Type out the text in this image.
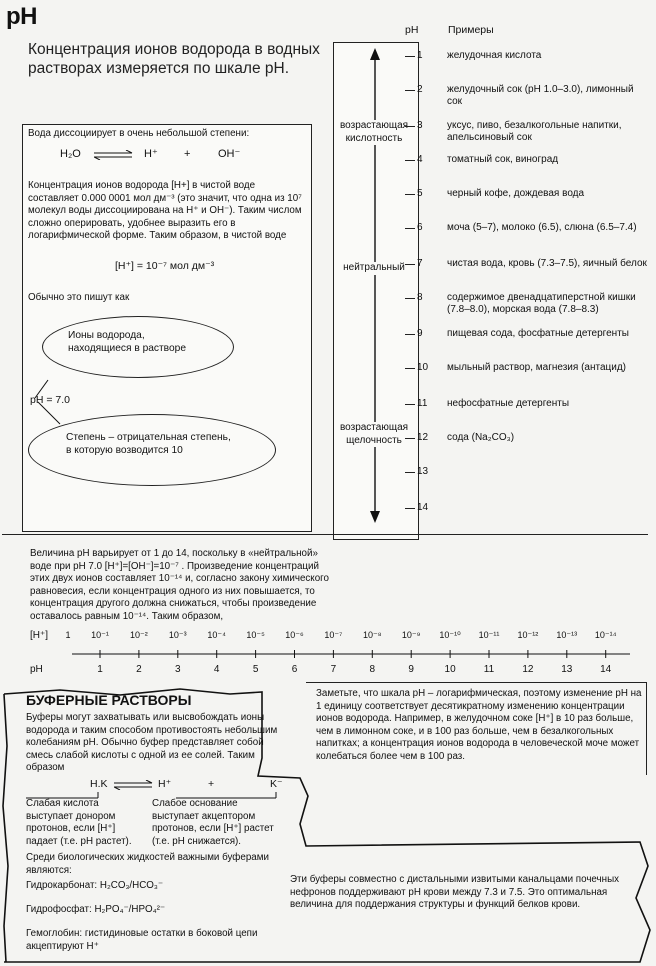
pH
Концентрация ионов водорода в водных растворах измеряется по шкале рН.
pH	Примеры
возрастающая кислотность
нейтральный
возрастающая щелочность
1	желудочная кислота
2	желудочный сок (pH 1.0–3.0), лимонный сок
3	уксус, пиво, безалкогольные напитки, апельсиновый сок
4	томатный сок, виноград
5	черный кофе, дождевая вода
6	моча (5–7), молоко (6.5), слюна (6.5–7.4)
7	чистая вода, кровь (7.3–7.5), яичный белок
8	содержимое двенадцатиперстной кишки (7.8–8.0), морская вода (7.8–8.3)
9	пищевая сода, фосфатные детергенты
10	мыльный раствор, магнезия (антацид)
11	нефосфатные детергенты
12	сода (Na₂CO₃)
13
14
Вода диссоциирует в очень небольшой степени:
H₂O	H⁺ +	OH⁻
Концентрация ионов водорода [H+] в чистой воде составляет 0.000 0001 мол дм⁻³ (это значит, что одна из 10⁷ молекул воды диссоциирована на H⁺ и OH⁻). Таким числом сложно оперировать, удобнее выразить его в логарифмической форме. Таким образом, в чистой воде
[H⁺] = 10⁻⁷ мол дм⁻³
Обычно это пишут как
Ионы водорода, находящиеся в растворе
pH = 7.0
Степень – отрицательная степень, в которую возводится 10
Величина pH варьирует от 1 до 14, поскольку в «нейтральной» воде при pH 7.0 [H⁺]=[OH⁻]=10⁻⁷ . Произведение концентраций этих двух ионов составляет 10⁻¹⁴ и, согласно закону химического равновесия, если концентрация одного из них повышается, то концентрация другого должна снижаться, чтобы произведение оставалось равным 10⁻¹⁴. Таким образом,
[H⁺]
pH
1	10⁻¹	10⁻²	10⁻³	10⁻⁴	10⁻⁵	10⁻⁶	10⁻⁷	10⁻⁸	10⁻⁹	10⁻¹⁰	10⁻¹¹	10⁻¹²	10⁻¹³	10⁻¹⁴
1	2	3	4	5	6	7	8	9	10	11	12	13	14
Заметьте, что шкала pH – логарифмическая, поэтому изменение pH на 1 единицу соответствует десятикратному изменению концентрации ионов водорода. Например, в желудочном соке [H⁺] в 10 раз больше, чем в лимонном соке, и в 100 раз больше, чем в безалкогольных напитках; а концентрация ионов водорода в человеческой моче может колебаться более чем в 100 раз.
БУФЕРНЫЕ РАСТВОРЫ
Буферы могут захватывать или высвобождать ионы водорода и таким способом противостоять небольшим колебаниям pH. Обычно буфер представляет собой смесь слабой кислоты с одной из ее солей. Таким образом
H.K	H⁺	+	K⁻
Слабая кислота выступает донором протонов, если [H⁺] падает (т.е. pH растет).
Слабое основание выступает акцептором протонов, если [H⁺] растет (т.е. pH снижается).
Среди биологических жидкостей важными буферами являются:
Гидрокарбонат: H₂CO₃/HCO₃⁻
Гидрофосфат: H₂PO₄⁻/HPO₄²⁻
Гемоглобин: гистидиновые остатки в боковой цепи акцептируют H⁺
Эти буферы совместно с дистальными извитыми канальцами почечных нефронов поддерживают pH крови между 7.3 и 7.5. Это оптимальная величина для поддержания структуры и функций белков крови.
